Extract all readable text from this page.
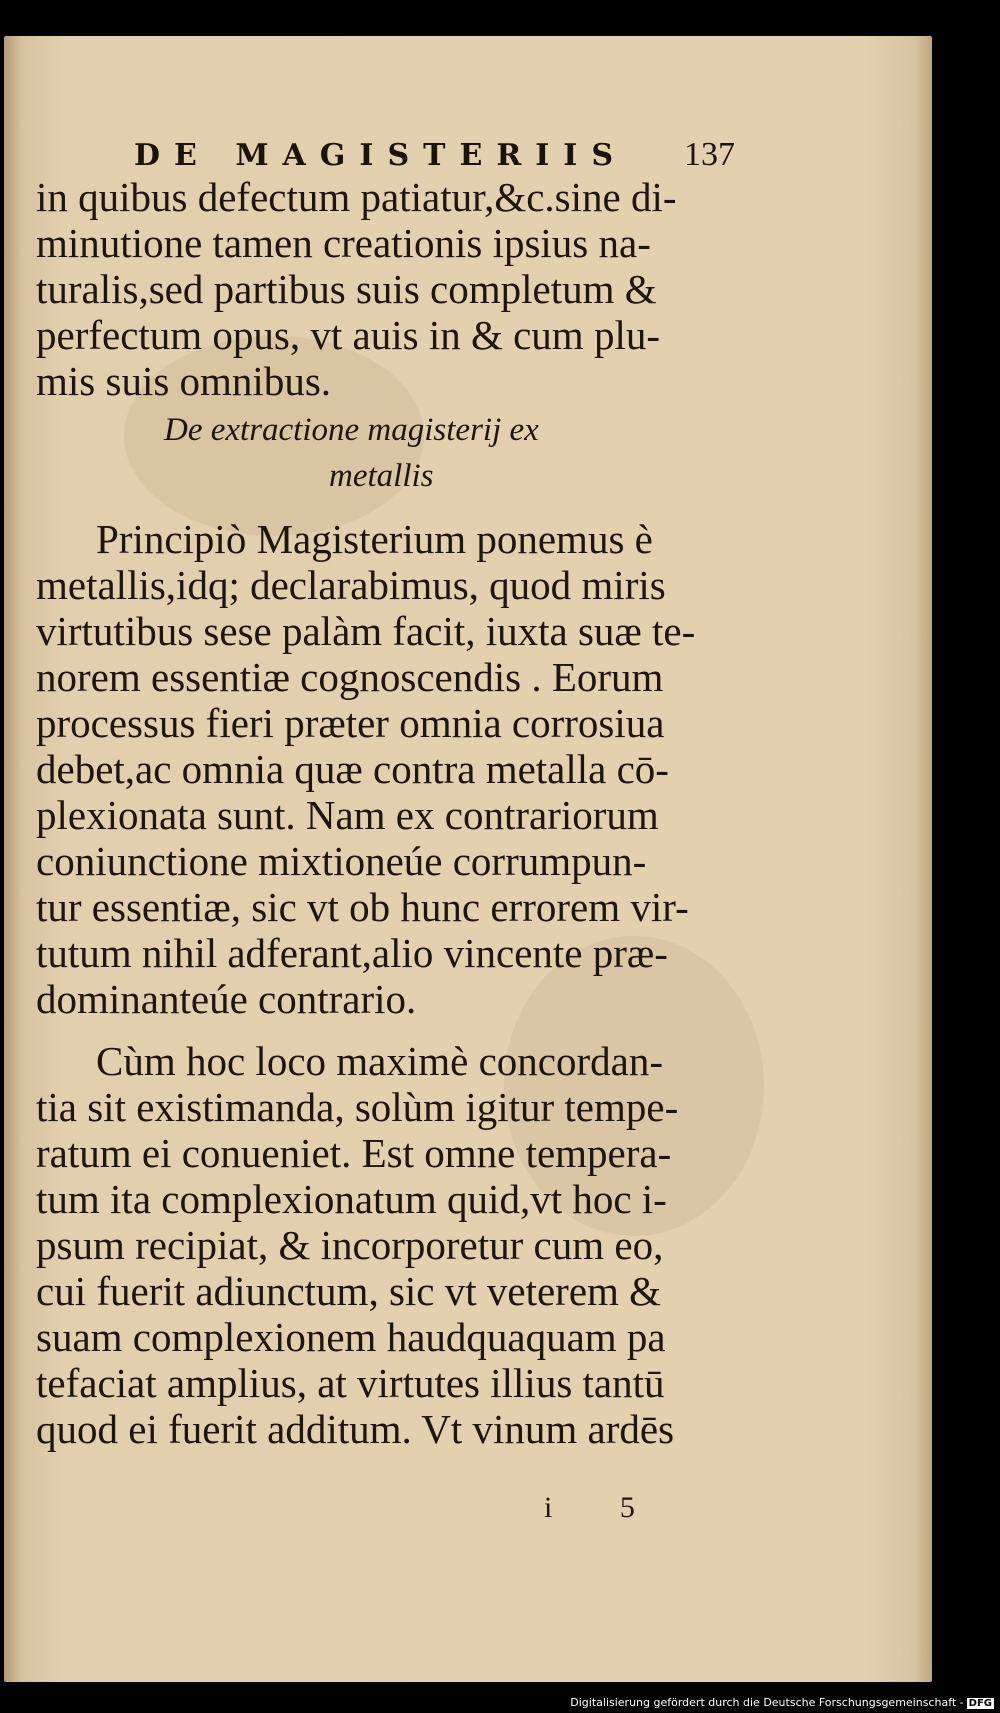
DE MAGISTERIIS 137
in quibus defectum patiatur,&c.sine di-
minutione tamen creationis ipsius na-
turalis,sed partibus suis completum &
perfectum opus, vt auis in & cum plu-
mis suis omnibus.
De extractione magisterij ex
metallis
Principiò Magisterium ponemus è
metallis,idq; declarabimus, quod miris
virtutibus sese palàm facit, iuxta suæ te-
norem essentiæ cognoscendis . Eorum
processus fieri præter omnia corrosiua
debet,ac omnia quæ contra metalla cō-
plexionata sunt. Nam ex contrariorum
coniunctione mixtioneúe corrumpun-
tur essentiæ, sic vt ob hunc errorem vir-
tutum nihil adferant,alio vincente præ-
dominanteúe contrario.
Cùm hoc loco maximè concordan-
tia sit existimanda, solùm igitur tempe-
ratum ei conueniet. Est omne tempera-
tum ita complexionatum quid,vt hoc i-
psum recipiat, & incorporetur cum eo,
cui fuerit adiunctum, sic vt veterem &
suam complexionem haudquaquam pa
tefaciat amplius, at virtutes illius tantū
quod ei fuerit additum. Vt vinum ardēs
i 5
Digitalisierung gefördert durch die Deutsche Forschungsgemeinschaft - DFG
